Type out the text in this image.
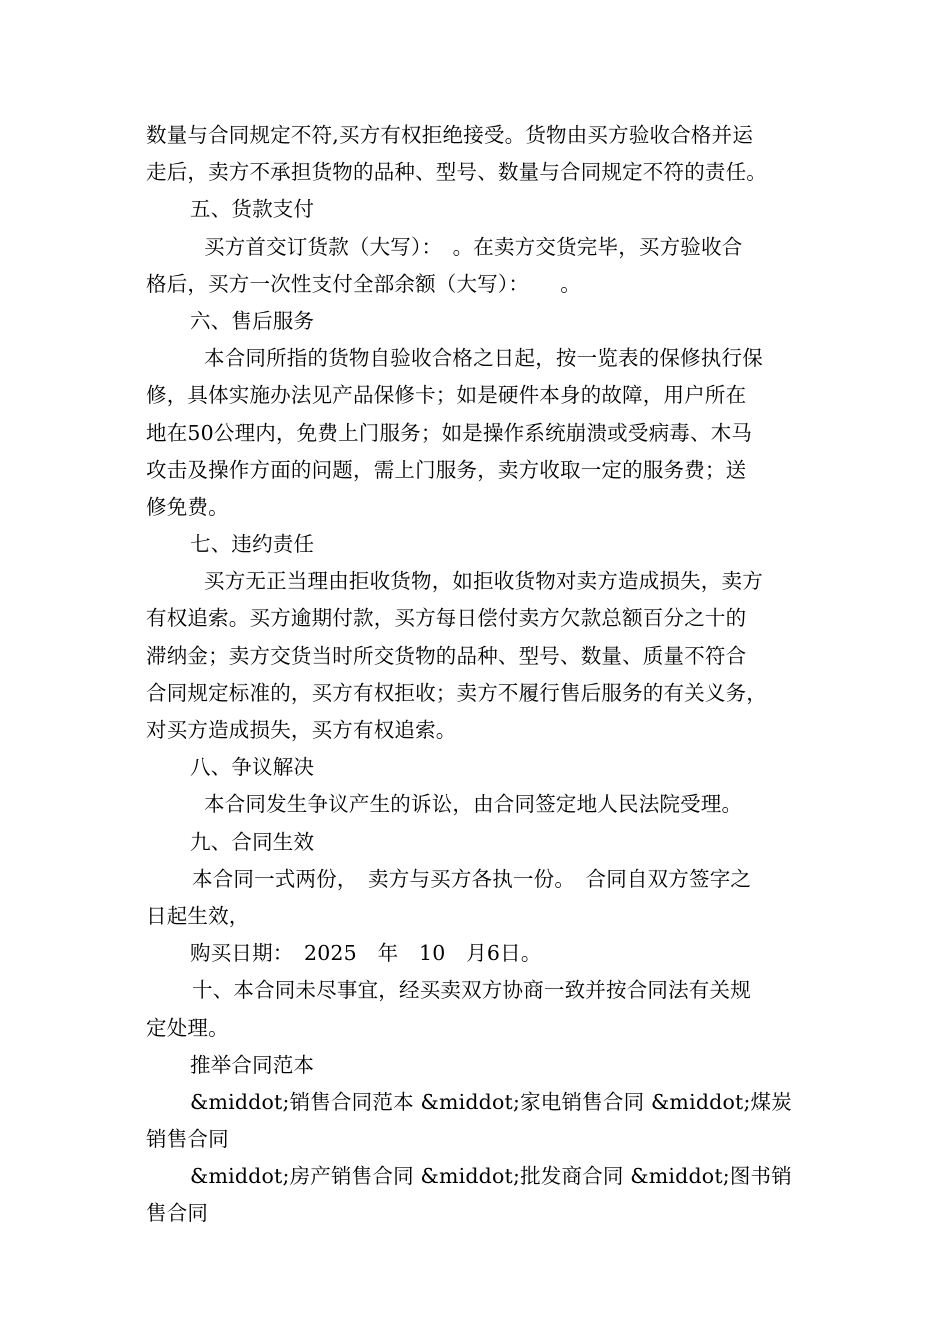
数量与合同规定不符,买方有权拒绝接受。货物由买方验收合格并运
走后，卖方不承担货物的品种、型号、数量与合同规定不符的责任。
五、货款支付
买方首交订货款（大写）：　。在卖方交货完毕，买方验收合
格后，买方一次性支付全部余额（大写）：　　。
六、售后服务
本合同所指的货物自验收合格之日起，按一览表的保修执行保
修，具体实施办法见产品保修卡；如是硬件本身的故障，用户所在
地在50公理内，免费上门服务；如是操作系统崩溃或受病毒、木马
攻击及操作方面的问题，需上门服务，卖方收取一定的服务费；送
修免费。
七、违约责任
买方无正当理由拒收货物，如拒收货物对卖方造成损失，卖方
有权追索。买方逾期付款，买方每日偿付卖方欠款总额百分之十的
滞纳金；卖方交货当时所交货物的品种、型号、数量、质量不符合
合同规定标准的，买方有权拒收；卖方不履行售后服务的有关义务，
对买方造成损失，买方有权追索。
八、争议解决
本合同发生争议产生的诉讼，由合同签定地人民法院受理。
九、合同生效
本合同一式两份，　卖方与买方各执一份。　合同自双方签字之
日起生效，
购买日期：　2025　年　10　月6日。
十、本合同未尽事宜，经买卖双方协商一致并按合同法有关规
定处理。
推举合同范本
&middot;销售合同范本 &middot;家电销售合同 &middot;煤炭
销售合同
&middot;房产销售合同 &middot;批发商合同 &middot;图书销
售合同
